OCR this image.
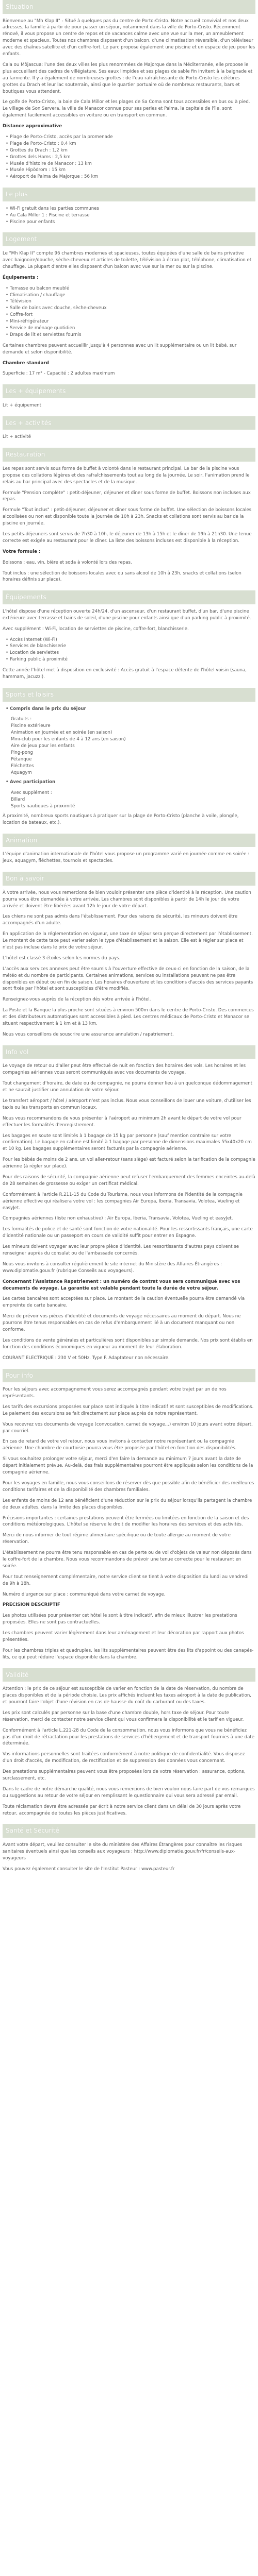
Situation

Bienvenue au "Mh Klap II" - Situé à quelques pas du centre de Porto-Cristo. Notre accueil convivial et nos deux adresses, la famille à partir de pour passer un séjour, notamment dans la ville de Porto-Cristo. Récemment rénové, il vous propose un centre de repos et de vacances calme avec une vue sur la mer, un ameublement moderne et spacieux. Toutes nos chambres disposent d'un balcon, d'une climatisation réversible, d'un téléviseur avec des chaînes satellite et d'un coffre-fort. Le parc propose également une piscine et un espace de jeu pour les enfants.

Cala ou Môjascua: l'une des deux villes les plus renommées de Majorque dans la Méditerranée, elle propose le plus accueillant des cadres de villégiature. Ses eaux limpides et ses plages de sable fin invitent à la baignade et au farniente. Il y a également de nombreuses grottes : de l'eau rafraîchissante de Porto-Cristo les célèbres grottes du Drach et leur lac souterrain, ainsi que le quartier portuaire où de nombreux restaurants, bars et boutiques vous attendent.

Le golfe de Porto-Cristo, la baie de Cala Millor et les plages de Sa Coma sont tous accessibles en bus ou à pied. Le village de Son Servera, la ville de Manacor connue pour ses perles et Palma, la capitale de l'île, sont également facilement accessibles en voiture ou en transport en commun.

Distance approximative

• Plage de Porto-Cristo, accès par la promenade
• Plage de Porto-Cristo : 0,4 km
• Grottes du Drach : 1,2 km
• Grottes dels Hams : 2,5 km
• Musée d'histoire de Manacor : 13 km
• Musée Hipòdrom : 15 km
• Aéroport de Palma de Majorque : 56 km
Le plus
• Wi-Fi gratuit dans les parties communes
• Au Cala Millor 1 : Piscine et terrasse
• Piscine pour enfants
Logement

Le "Mh Klap II" compte 96 chambres modernes et spacieuses, toutes équipées d'une salle de bains privative avec baignoire/douche, sèche-cheveux et articles de toilette, télévision à écran plat, téléphone, climatisation et chauffage. La plupart d'entre elles disposent d'un balcon avec vue sur la mer ou sur la piscine.

Équipements :

• Terrasse ou balcon meublé
• Climatisation / chauffage
• Télévision
• Salle de bains avec douche, sèche-cheveux
• Coffre-fort
• Mini-réfrigérateur
• Service de ménage quotidien
• Draps de lit et serviettes fournis

Certaines chambres peuvent accueillir jusqu'à 4 personnes avec un lit supplémentaire ou un lit bébé, sur demande et selon disponibilité.

Chambre standard

Superficie : 17 m² - Capacité : 2 adultes maximum

Les + équipements

Lit + équipement

Les + activités

Lit + activité

Restauration

Les repas sont servis sous forme de buffet à volonté dans le restaurant principal. Le bar de la piscine vous propose des collations légères et des rafraîchissements tout au long de la journée. Le soir, l'animation prend le relais au bar principal avec des spectacles et de la musique.

Formule "Pension complète" : petit-déjeuner, déjeuner et dîner sous forme de buffet. Boissons non incluses aux repas.

Formule "Tout inclus" : petit-déjeuner, déjeuner et dîner sous forme de buffet. Une sélection de boissons locales alcoolisées ou non est disponible toute la journée de 10h à 23h. Snacks et collations sont servis au bar de la piscine en journée.

Les petits-déjeuners sont servis de 7h30 à 10h, le déjeuner de 13h à 15h et le dîner de 19h à 21h30. Une tenue correcte est exigée au restaurant pour le dîner. La liste des boissons incluses est disponible à la réception.

Votre formule :

Boissons : eau, vin, bière et soda à volonté lors des repas.

Tout inclus : une sélection de boissons locales avec ou sans alcool de 10h à 23h, snacks et collations (selon horaires définis sur place).

Équipements

L'hôtel dispose d'une réception ouverte 24h/24, d'un ascenseur, d'un restaurant buffet, d'un bar, d'une piscine extérieure avec terrasse et bains de soleil, d'une piscine pour enfants ainsi que d'un parking public à proximité.

Avec supplément : Wi-Fi, location de serviettes de piscine, coffre-fort, blanchisserie.

• Accès Internet (Wi-Fi)
• Services de blanchisserie
• Location de serviettes
• Parking public à proximité

Cette année l'hôtel met à disposition en exclusivité : Accès gratuit à l'espace détente de l'hôtel voisin (sauna, hammam, jacuzzi).

Sports et loisirs
• Compris dans le prix du séjour
Gratuits :
Piscine extérieure
Animation en journée et en soirée (en saison)
Mini-club pour les enfants de 4 à 12 ans (en saison)
Aire de jeux pour les enfants
Ping-pong
Pétanque
Fléchettes
Aquagym
• Avec participation
Avec supplément :
Billard
Sports nautiques à proximité

À proximité, nombreux sports nautiques à pratiquer sur la plage de Porto-Cristo (planche à voile, plongée, location de bateaux, etc.).

Animation

L'équipe d'animation internationale de l'hôtel vous propose un programme varié en journée comme en soirée : jeux, aquagym, fléchettes, tournois et spectacles.

Bon à savoir

À votre arrivée, nous vous remercions de bien vouloir présenter une pièce d'identité à la réception. Une caution pourra vous être demandée à votre arrivée. Les chambres sont disponibles à partir de 14h le jour de votre arrivée et doivent être libérées avant 12h le jour de votre départ.

Les chiens ne sont pas admis dans l'établissement. Pour des raisons de sécurité, les mineurs doivent être accompagnés d'un adulte.

En application de la réglementation en vigueur, une taxe de séjour sera perçue directement par l'établissement. Le montant de cette taxe peut varier selon le type d'établissement et la saison. Elle est à régler sur place et n'est pas incluse dans le prix de votre séjour.

L'hôtel est classé 3 étoiles selon les normes du pays.

L'accès aux services annexes peut être soumis à l'ouverture effective de ceux-ci en fonction de la saison, de la météo et du nombre de participants. Certaines animations, services ou installations peuvent ne pas être disponibles en début ou en fin de saison. Les horaires d'ouverture et les conditions d'accès des services payants sont fixés par l'hôtel et sont susceptibles d'être modifiés.

Renseignez-vous auprès de la réception dès votre arrivée à l'hôtel.

La Poste et la Banque la plus proche sont situées à environ 500m dans le centre de Porto-Cristo. Des commerces et des distributeurs automatiques sont accessibles à pied. Les centres médicaux de Porto-Cristo et Manacor se situent respectivement à 1 km et à 13 km.

Nous vous conseillons de souscrire une assurance annulation / rapatriement.

Info vol

Le voyage de retour ou d'aller peut être effectué de nuit en fonction des horaires des vols. Les horaires et les compagnies aériennes vous seront communiqués avec vos documents de voyage.

Tout changement d'horaire, de date ou de compagnie, ne pourra donner lieu à un quelconque dédommagement et ne saurait justifier une annulation de votre séjour.

Le transfert aéroport / hôtel / aéroport n'est pas inclus. Nous vous conseillons de louer une voiture, d'utiliser les taxis ou les transports en commun locaux.

Nous vous recommandons de vous présenter à l'aéroport au minimum 2h avant le départ de votre vol pour effectuer les formalités d'enregistrement.

Les bagages en soute sont limités à 1 bagage de 15 kg par personne (sauf mention contraire sur votre confirmation). Le bagage en cabine est limité à 1 bagage par personne de dimensions maximales 55x40x20 cm et 10 kg. Les bagages supplémentaires seront facturés par la compagnie aérienne.

Pour les bébés de moins de 2 ans, un vol aller-retour (sans siège) est facturé selon la tarification de la compagnie aérienne (à régler sur place).

Pour des raisons de sécurité, la compagnie aérienne peut refuser l'embarquement des femmes enceintes au-delà de 28 semaines de grossesse ou exiger un certificat médical.

Conformément à l'article R.211-15 du Code du Tourisme, nous vous informons de l'identité de la compagnie aérienne effective qui réalisera votre vol : les compagnies Air Europa, Iberia, Transavia, Volotea, Vueling et easyJet.

Compagnies aériennes (liste non exhaustive) : Air Europa, Iberia, Transavia, Volotea, Vueling et easyJet.

Les formalités de police et de santé sont fonction de votre nationalité. Pour les ressortissants français, une carte d'identité nationale ou un passeport en cours de validité suffit pour entrer en Espagne.

Les mineurs doivent voyager avec leur propre pièce d'identité. Les ressortissants d'autres pays doivent se renseigner auprès du consulat ou de l'ambassade concernés.

Nous vous invitons à consulter régulièrement le site internet du Ministère des Affaires Étrangères : www.diplomatie.gouv.fr (rubrique Conseils aux voyageurs).

Concernant l'Assistance Rapatriement : un numéro de contrat vous sera communiqué avec vos documents de voyage. La garantie est valable pendant toute la durée de votre séjour.

Les cartes bancaires sont acceptées sur place. Le montant de la caution éventuelle pourra être demandé via empreinte de carte bancaire.

Merci de prévoir vos pièces d'identité et documents de voyage nécessaires au moment du départ. Nous ne pourrons être tenus responsables en cas de refus d'embarquement lié à un document manquant ou non conforme.

Les conditions de vente générales et particulières sont disponibles sur simple demande. Nos prix sont établis en fonction des conditions économiques en vigueur au moment de leur élaboration.

COURANT ELECTRIQUE : 230 V et 50Hz. Type F. Adaptateur non nécessaire.

Pour info

Pour les séjours avec accompagnement vous serez accompagnés pendant votre trajet par un de nos représentants.

Les tarifs des excursions proposées sur place sont indiqués à titre indicatif et sont susceptibles de modifications. Le paiement des excursions se fait directement sur place auprès de notre représentant.

Vous recevrez vos documents de voyage (convocation, carnet de voyage...) environ 10 jours avant votre départ, par courriel.

En cas de retard de votre vol retour, nous vous invitons à contacter notre représentant ou la compagnie aérienne. Une chambre de courtoisie pourra vous être proposée par l'hôtel en fonction des disponibilités.

Si vous souhaitez prolonger votre séjour, merci d'en faire la demande au minimum 7 jours avant la date de départ initialement prévue. Au-delà, des frais supplémentaires pourront être appliqués selon les conditions de la compagnie aérienne.

Pour les voyages en famille, nous vous conseillons de réserver dès que possible afin de bénéficier des meilleures conditions tarifaires et de la disponibilité des chambres familiales.

Les enfants de moins de 12 ans bénéficient d'une réduction sur le prix du séjour lorsqu'ils partagent la chambre de deux adultes, dans la limite des places disponibles.

Précisions importantes : certaines prestations peuvent être fermées ou limitées en fonction de la saison et des conditions météorologiques. L'hôtel se réserve le droit de modifier les horaires des services et des activités.

Merci de nous informer de tout régime alimentaire spécifique ou de toute allergie au moment de votre réservation.

L'établissement ne pourra être tenu responsable en cas de perte ou de vol d'objets de valeur non déposés dans le coffre-fort de la chambre. Nous vous recommandons de prévoir une tenue correcte pour le restaurant en soirée.

Pour tout renseignement complémentaire, notre service client se tient à votre disposition du lundi au vendredi de 9h à 18h.

Numéro d'urgence sur place : communiqué dans votre carnet de voyage.

PRECISION DESCRIPTIF

Les photos utilisées pour présenter cet hôtel le sont à titre indicatif, afin de mieux illustrer les prestations proposées. Elles ne sont pas contractuelles.

Les chambres peuvent varier légèrement dans leur aménagement et leur décoration par rapport aux photos présentées.

Pour les chambres triples et quadruples, les lits supplémentaires peuvent être des lits d'appoint ou des canapés-lits, ce qui peut réduire l'espace disponible dans la chambre.

Validité

Attention : le prix de ce séjour est susceptible de varier en fonction de la date de réservation, du nombre de places disponibles et de la période choisie. Les prix affichés incluent les taxes aéroport à la date de publication, et pourront faire l'objet d'une révision en cas de hausse du coût du carburant ou des taxes.

Les prix sont calculés par personne sur la base d'une chambre double, hors taxe de séjour. Pour toute réservation, merci de contacter notre service client qui vous confirmera la disponibilité et le tarif en vigueur.

Conformément à l'article L.221-28 du Code de la consommation, nous vous informons que vous ne bénéficiez pas d'un droit de rétractation pour les prestations de services d'hébergement et de transport fournies à une date déterminée.

Vos informations personnelles sont traitées conformément à notre politique de confidentialité. Vous disposez d'un droit d'accès, de modification, de rectification et de suppression des données vous concernant.

Des prestations supplémentaires peuvent vous être proposées lors de votre réservation : assurance, options, surclassement, etc.

Dans le cadre de notre démarche qualité, nous vous remercions de bien vouloir nous faire part de vos remarques ou suggestions au retour de votre séjour en remplissant le questionnaire qui vous sera adressé par email.

Toute réclamation devra être adressée par écrit à notre service client dans un délai de 30 jours après votre retour, accompagnée de toutes les pièces justificatives.

Santé et Sécurité

Avant votre départ, veuillez consulter le site du ministère des Affaires Étrangères pour connaître les risques sanitaires éventuels ainsi que les conseils aux voyageurs : http://www.diplomatie.gouv.fr/fr/conseils-aux-voyageurs

Vous pouvez également consulter le site de l'Institut Pasteur : www.pasteur.fr
